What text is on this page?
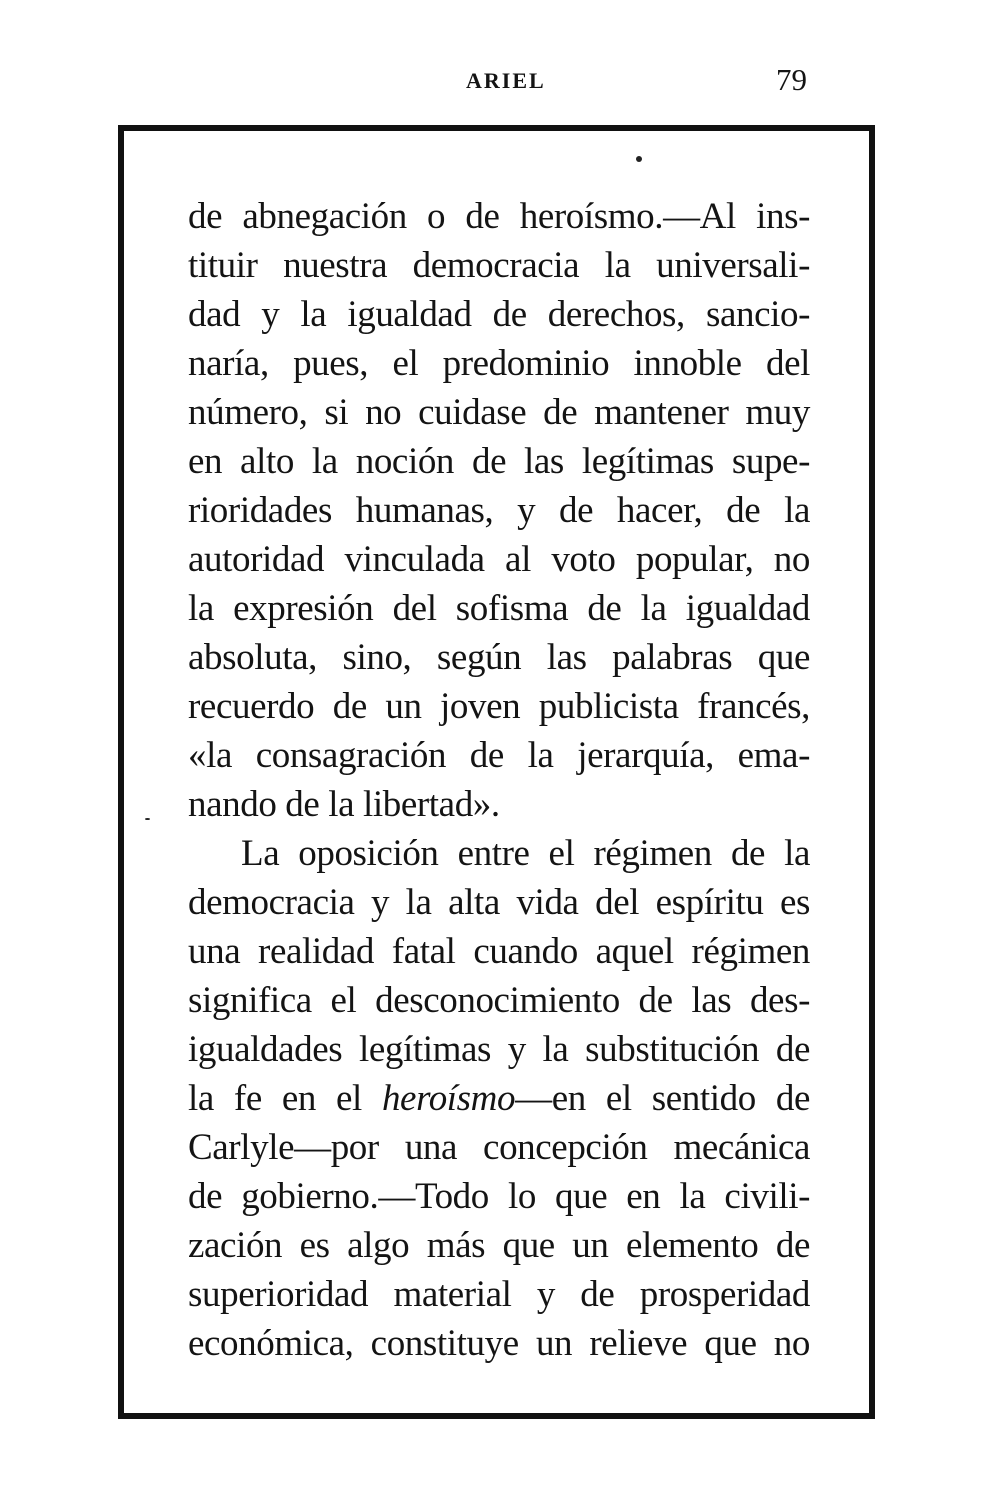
ARIEL	79
de abnegación o de heroísmo.—Al ins-
tituir nuestra democracia la universali-
dad y la igualdad de derechos, sancio-
naría, pues, el predominio innoble del
número, si no cuidase de mantener muy
en alto la noción de las legítimas supe-
rioridades humanas, y de hacer, de la
autoridad vinculada al voto popular, no
la expresión del sofisma de la igualdad
absoluta, sino, según las palabras que
recuerdo de un joven publicista francés,
«la consagración de la jerarquía, ema-
nando de la libertad».
La oposición entre el régimen de la
democracia y la alta vida del espíritu es
una realidad fatal cuando aquel régimen
significa el desconocimiento de las des-
igualdades legítimas y la substitución de
la fe en el heroísmo—en el sentido de
Carlyle—por una concepción mecánica
de gobierno.—Todo lo que en la civili-
zación es algo más que un elemento de
superioridad material y de prosperidad
económica, constituye un relieve que no
